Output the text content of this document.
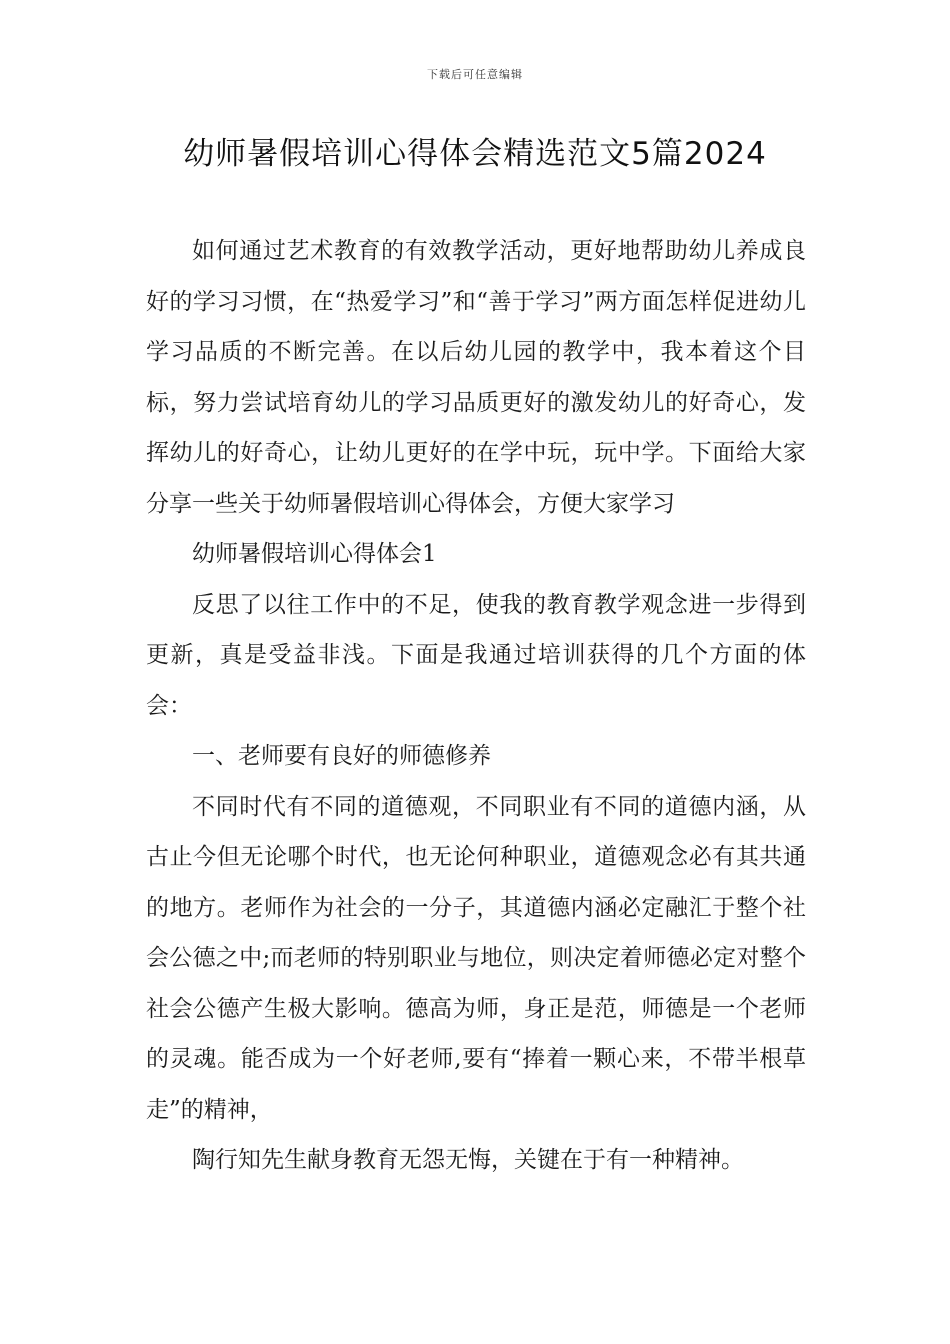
下载后可任意编辑
幼师暑假培训心得体会精选范文5篇2024

如何通过艺术教育的有效教学活动，更好地帮助幼儿养成良好的学习习惯，在“热爱学习”和“善于学习”两方面怎样促进幼儿学习品质的不断完善。在以后幼儿园的教学中，我本着这个目标，努力尝试培育幼儿的学习品质更好的激发幼儿的好奇心，发挥幼儿的好奇心，让幼儿更好的在学中玩，玩中学。下面给大家分享一些关于幼师暑假培训心得体会，方便大家学习

幼师暑假培训心得体会1

反思了以往工作中的不足，使我的教育教学观念进一步得到更新，真是受益非浅。下面是我通过培训获得的几个方面的体会：

一、老师要有良好的师德修养

不同时代有不同的道德观，不同职业有不同的道德内涵，从古止今但无论哪个时代，也无论何种职业，道德观念必有其共通的地方。老师作为社会的一分子，其道德内涵必定融汇于整个社会公德之中;而老师的特别职业与地位，则决定着师德必定对整个社会公德产生极大影响。德高为师，身正是范，师德是一个老师的灵魂。能否成为一个好老师,要有“捧着一颗心来，不带半根草走”的精神，

陶行知先生献身教育无怨无悔，关键在于有一种精神。
